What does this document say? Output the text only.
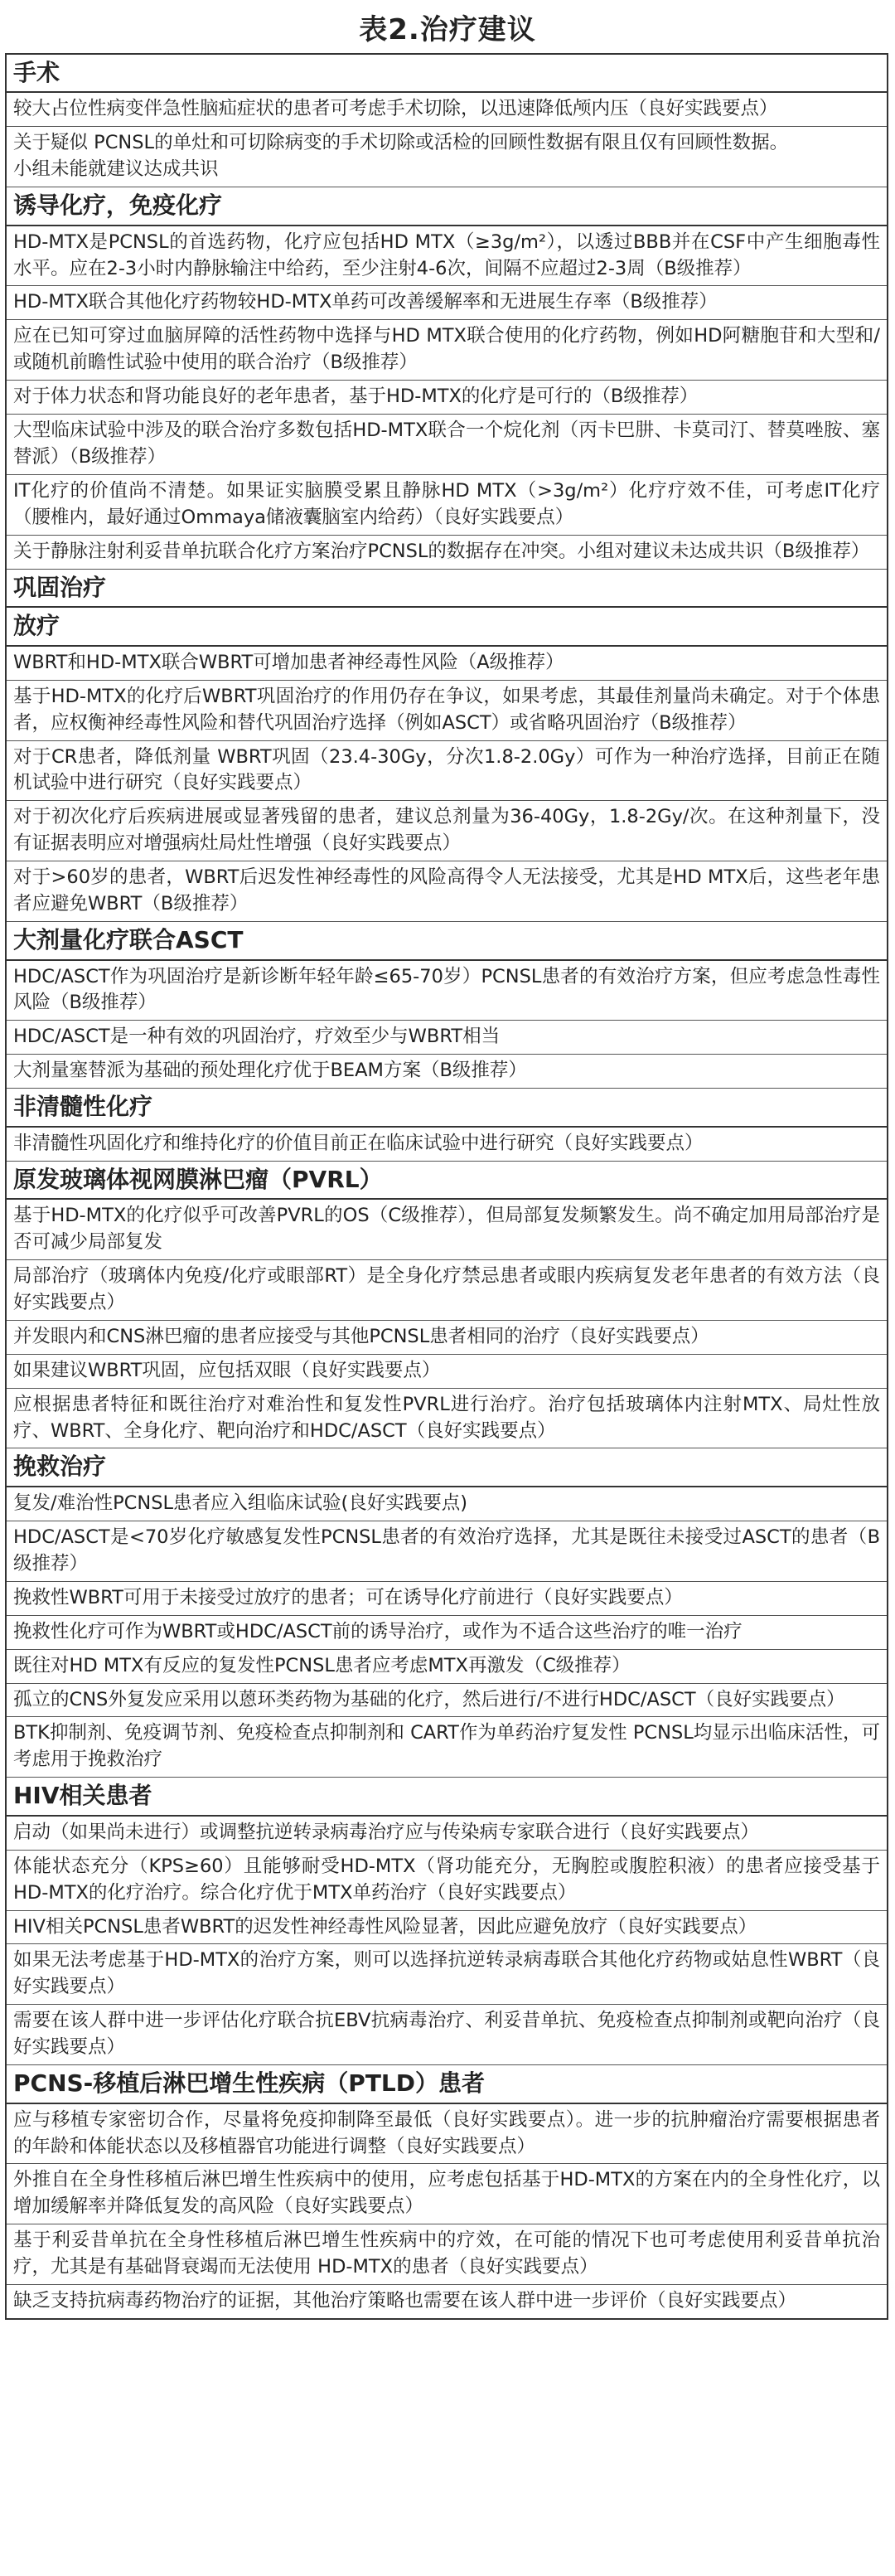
表2.治疗建议
手术
较大占位性病变伴急性脑疝症状的患者可考虑手术切除，以迅速降低颅内压（良好实践要点）
关于疑似 PCNSL的单灶和可切除病变的手术切除或活检的回顾性数据有限且仅有回顾性数据。
小组未能就建议达成共识
诱导化疗，免疫化疗
HD-MTX是PCNSL的首选药物，化疗应包括HD MTX（≥3g/m²），以透过BBB并在CSF中产生细胞毒性水平。应在2-3小时内静脉输注中给药，至少注射4-6次，间隔不应超过2-3周（B级推荐）
HD-MTX联合其他化疗药物较HD-MTX单药可改善缓解率和无进展生存率（B级推荐）
应在已知可穿过血脑屏障的活性药物中选择与HD MTX联合使用的化疗药物，例如HD阿糖胞苷和大型和/或随机前瞻性试验中使用的联合治疗（B级推荐）
对于体力状态和肾功能良好的老年患者，基于HD-MTX的化疗是可行的（B级推荐）
大型临床试验中涉及的联合治疗多数包括HD-MTX联合一个烷化剂（丙卡巴肼、卡莫司汀、替莫唑胺、塞替派）（B级推荐）
IT化疗的价值尚不清楚。如果证实脑膜受累且静脉HD MTX（>3g/m²）化疗疗效不佳，可考虑IT化疗（腰椎内，最好通过Ommaya储液囊脑室内给药）（良好实践要点）
关于静脉注射利妥昔单抗联合化疗方案治疗PCNSL的数据存在冲突。小组对建议未达成共识（B级推荐）
巩固治疗
放疗
WBRT和HD-MTX联合WBRT可增加患者神经毒性风险（A级推荐）
基于HD-MTX的化疗后WBRT巩固治疗的作用仍存在争议，如果考虑，其最佳剂量尚未确定。对于个体患者，应权衡神经毒性风险和替代巩固治疗选择（例如ASCT）或省略巩固治疗（B级推荐）
对于CR患者，降低剂量 WBRT巩固（23.4-30Gy，分次1.8-2.0Gy）可作为一种治疗选择，目前正在随机试验中进行研究（良好实践要点）
对于初次化疗后疾病进展或显著残留的患者，建议总剂量为36-40Gy，1.8-2Gy/次。在这种剂量下，没有证据表明应对增强病灶局灶性增强（良好实践要点）
对于>60岁的患者，WBRT后迟发性神经毒性的风险高得令人无法接受，尤其是HD MTX后，这些老年患者应避免WBRT（B级推荐）
大剂量化疗联合ASCT
HDC/ASCT作为巩固治疗是新诊断年轻年龄≤65-70岁）PCNSL患者的有效治疗方案，但应考虑急性毒性风险（B级推荐）
HDC/ASCT是一种有效的巩固治疗，疗效至少与WBRT相当
大剂量塞替派为基础的预处理化疗优于BEAM方案（B级推荐）
非清髓性化疗
非清髓性巩固化疗和维持化疗的价值目前正在临床试验中进行研究（良好实践要点）
原发玻璃体视网膜淋巴瘤（PVRL）
基于HD-MTX的化疗似乎可改善PVRL的OS（C级推荐），但局部复发频繁发生。尚不确定加用局部治疗是否可减少局部复发
局部治疗（玻璃体内免疫/化疗或眼部RT）是全身化疗禁忌患者或眼内疾病复发老年患者的有效方法（良好实践要点）
并发眼内和CNS淋巴瘤的患者应接受与其他PCNSL患者相同的治疗（良好实践要点）
如果建议WBRT巩固，应包括双眼（良好实践要点）
应根据患者特征和既往治疗对难治性和复发性PVRL进行治疗。治疗包括玻璃体内注射MTX、局灶性放疗、WBRT、全身化疗、靶向治疗和HDC/ASCT（良好实践要点）
挽救治疗
复发/难治性PCNSL患者应入组临床试验(良好实践要点)
HDC/ASCT是<70岁化疗敏感复发性PCNSL患者的有效治疗选择，尤其是既往未接受过ASCT的患者（B级推荐）
挽救性WBRT可用于未接受过放疗的患者；可在诱导化疗前进行（良好实践要点）
挽救性化疗可作为WBRT或HDC/ASCT前的诱导治疗，或作为不适合这些治疗的唯一治疗
既往对HD MTX有反应的复发性PCNSL患者应考虑MTX再激发（C级推荐）
孤立的CNS外复发应采用以蒽环类药物为基础的化疗，然后进行/不进行HDC/ASCT（良好实践要点）
BTK抑制剂、免疫调节剂、免疫检查点抑制剂和 CART作为单药治疗复发性 PCNSL均显示出临床活性，可考虑用于挽救治疗
HIV相关患者
启动（如果尚未进行）或调整抗逆转录病毒治疗应与传染病专家联合进行（良好实践要点）
体能状态充分（KPS≥60）且能够耐受HD-MTX（肾功能充分，无胸腔或腹腔积液）的患者应接受基于HD-MTX的化疗治疗。综合化疗优于MTX单药治疗（良好实践要点）
HIV相关PCNSL患者WBRT的迟发性神经毒性风险显著，因此应避免放疗（良好实践要点）
如果无法考虑基于HD-MTX的治疗方案，则可以选择抗逆转录病毒联合其他化疗药物或姑息性WBRT（良好实践要点）
需要在该人群中进一步评估化疗联合抗EBV抗病毒治疗、利妥昔单抗、免疫检查点抑制剂或靶向治疗（良好实践要点）
PCNS-移植后淋巴增生性疾病（PTLD）患者
应与移植专家密切合作，尽量将免疫抑制降至最低（良好实践要点）。进一步的抗肿瘤治疗需要根据患者的年龄和体能状态以及移植器官功能进行调整（良好实践要点）
外推自在全身性移植后淋巴增生性疾病中的使用，应考虑包括基于HD-MTX的方案在内的全身性化疗，以增加缓解率并降低复发的高风险（良好实践要点）
基于利妥昔单抗在全身性移植后淋巴增生性疾病中的疗效，在可能的情况下也可考虑使用利妥昔单抗治疗，尤其是有基础肾衰竭而无法使用 HD-MTX的患者（良好实践要点）
缺乏支持抗病毒药物治疗的证据，其他治疗策略也需要在该人群中进一步评价（良好实践要点）
